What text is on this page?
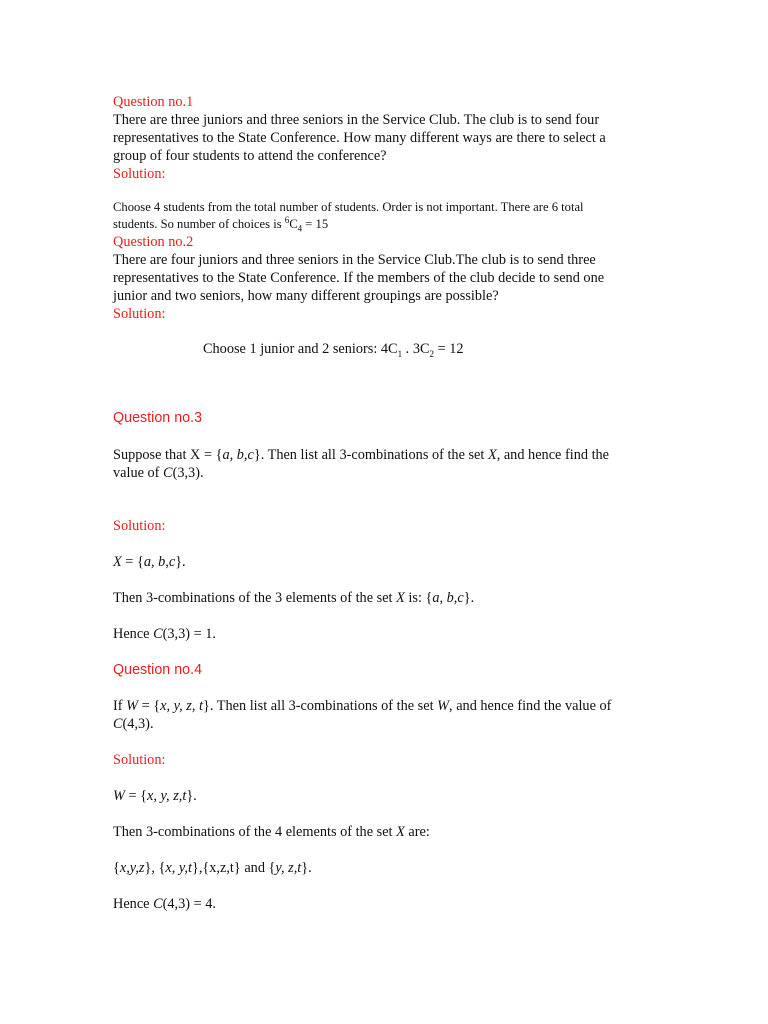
Question no.1
There are three juniors and three seniors in the Service Club. The club is to send four
representatives to the State Conference. How many different ways are there to select a
group of four students to attend the conference?
Solution:
Choose 4 students from the total number of students. Order is not important. There are 6 total
students. So number of choices is $^6C_4 = 15$
Question no.2
There are four juniors and three seniors in the Service Club.The club is to send three
representatives to the State Conference. If the members of the club decide to send one
junior and two seniors, how many different groupings are possible?
Solution:
Choose 1 junior and 2 seniors: $4C_1$ . $3C_2 = 12$
Question no.3
Suppose that X = {a, b,c}. Then list all 3-combinations of the set X, and hence find the
value of C(3,3).
Solution:
X = {a, b,c}.
Then 3-combinations of the 3 elements of the set X is: {a, b,c}.
Hence C(3,3) = 1.
Question no.4
If W = {x, y, z, t}. Then list all 3-combinations of the set W, and hence find the value of
C(4,3).
Solution:
W = {x, y, z,t}.
Then 3-combinations of the 4 elements of the set X are:
{x,y,z}, {x, y,t},{x,z,t} and {y, z,t}.
Hence C(4,3) = 4.
